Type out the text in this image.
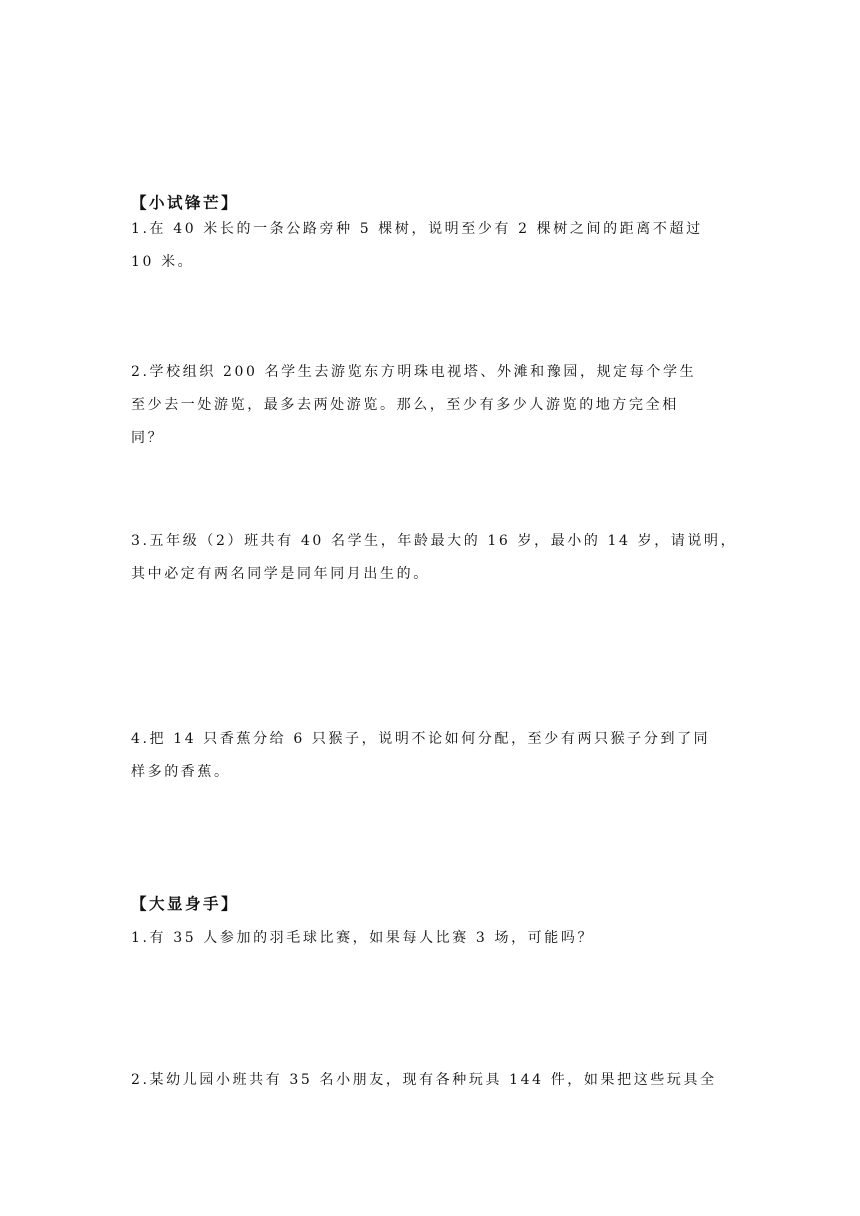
【小试锋芒】
1.在 40 米长的一条公路旁种 5 棵树，说明至少有 2 棵树之间的距离不超过
10 米。
2.学校组织 200 名学生去游览东方明珠电视塔、外滩和豫园，规定每个学生
至少去一处游览，最多去两处游览。那么，至少有多少人游览的地方完全相
同？
3.五年级（2）班共有 40 名学生，年龄最大的 16 岁，最小的 14 岁，请说明，
其中必定有两名同学是同年同月出生的。
4.把 14 只香蕉分给 6 只猴子，说明不论如何分配，至少有两只猴子分到了同
样多的香蕉。
【大显身手】
1.有 35 人参加的羽毛球比赛，如果每人比赛 3 场，可能吗？
2.某幼儿园小班共有 35 名小朋友，现有各种玩具 144 件，如果把这些玩具全
